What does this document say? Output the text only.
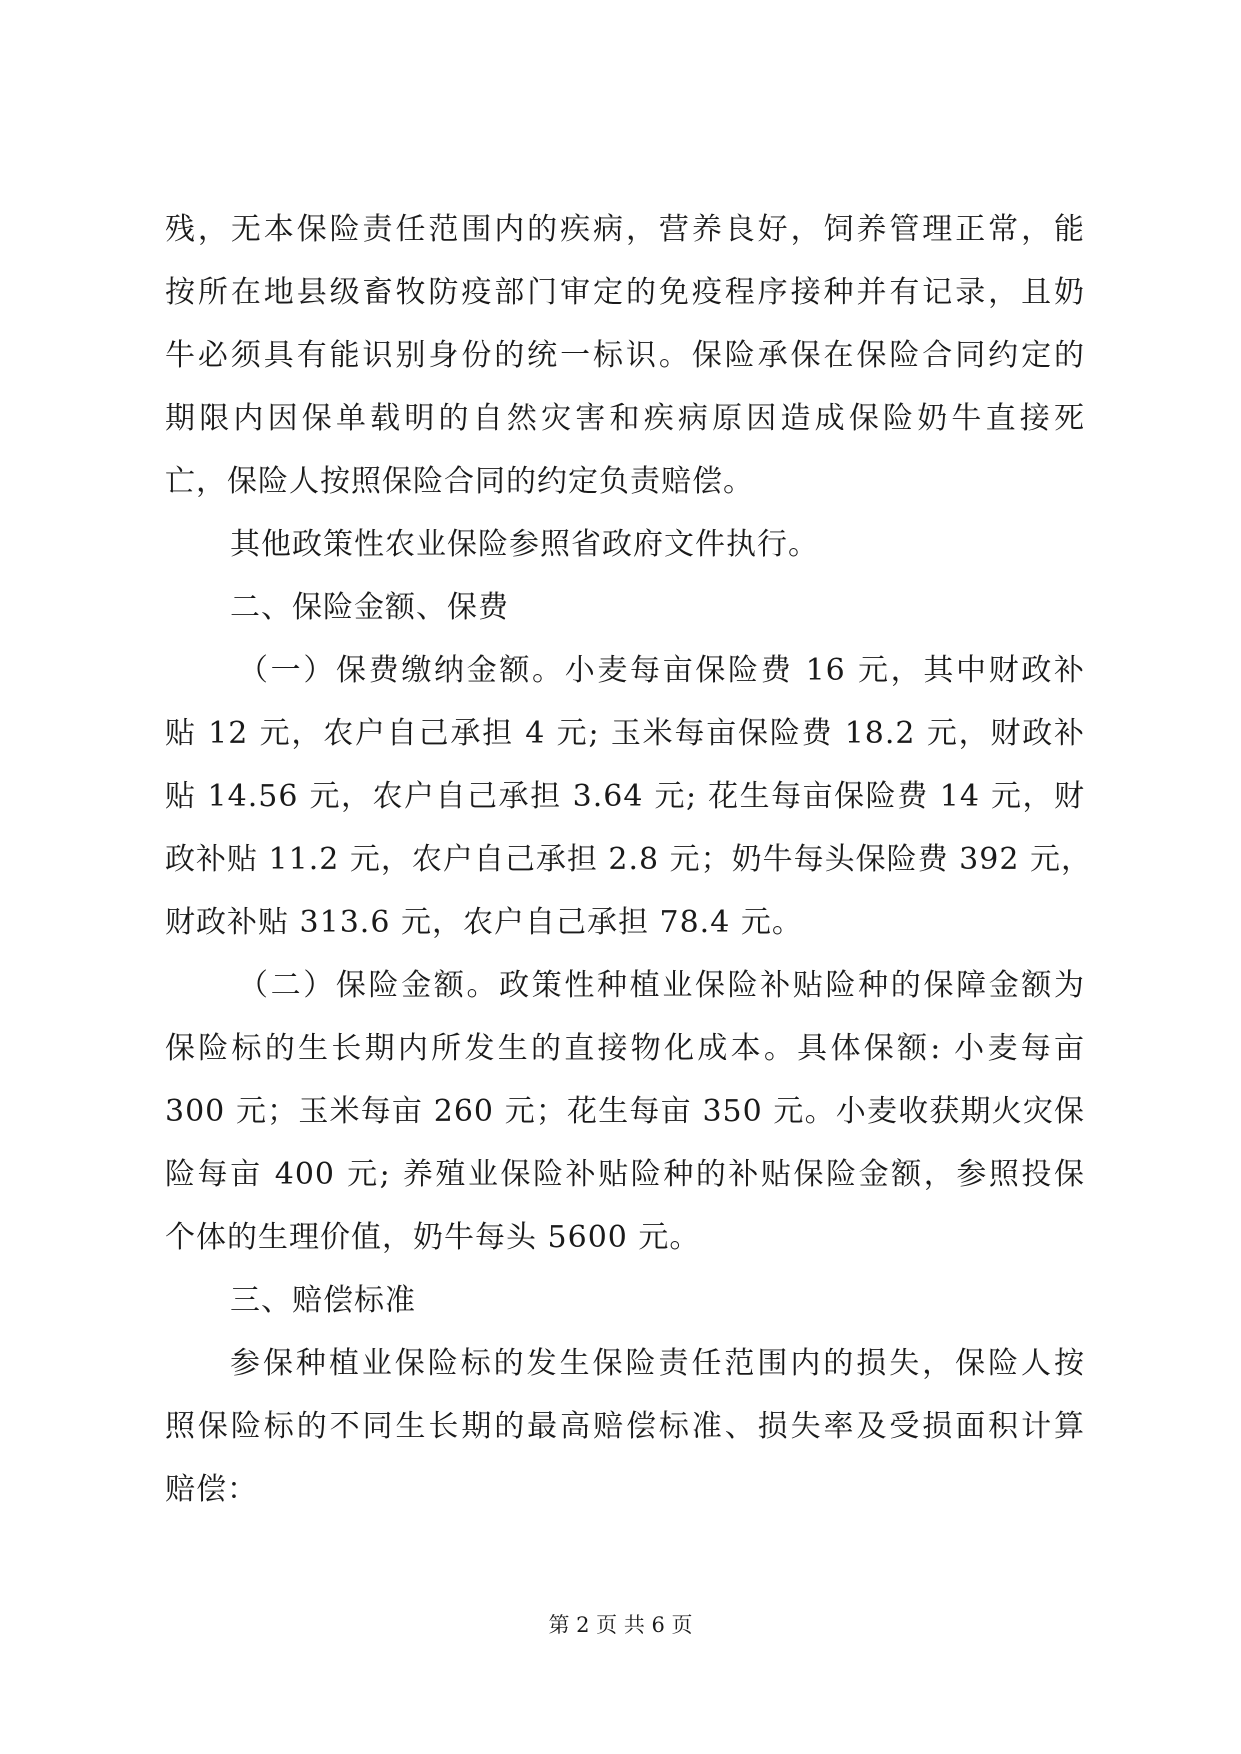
残，无本保险责任范围内的疾病，营养良好，饲养管理正常，能
按所在地县级畜牧防疫部门审定的免疫程序接种并有记录，且奶
牛必须具有能识别身份的统一标识。保险承保在保险合同约定的
期限内因保单载明的自然灾害和疾病原因造成保险奶牛直接死
亡，保险人按照保险合同的约定负责赔偿。
其他政策性农业保险参照省政府文件执行。
二、保险金额、保费
（一）保费缴纳金额。小麦每亩保险费 16 元，其中财政补
贴 12 元，农户自己承担 4 元; 玉米每亩保险费 18.2 元，财政补
贴 14.56 元，农户自己承担 3.64 元; 花生每亩保险费 14 元，财
政补贴 11.2 元，农户自己承担 2.8 元；奶牛每头保险费 392 元，
财政补贴 313.6 元，农户自己承担 78.4 元。
（二）保险金额。政策性种植业保险补贴险种的保障金额为
保险标的生长期内所发生的直接物化成本。具体保额: 小麦每亩
300 元；玉米每亩 260 元；花生每亩 350 元。小麦收获期火灾保
险每亩 400 元; 养殖业保险补贴险种的补贴保险金额，参照投保
个体的生理价值，奶牛每头 5600 元。
三、赔偿标准
参保种植业保险标的发生保险责任范围内的损失，保险人按
照保险标的不同生长期的最高赔偿标准、损失率及受损面积计算
赔偿：
第 2 页 共 6 页
